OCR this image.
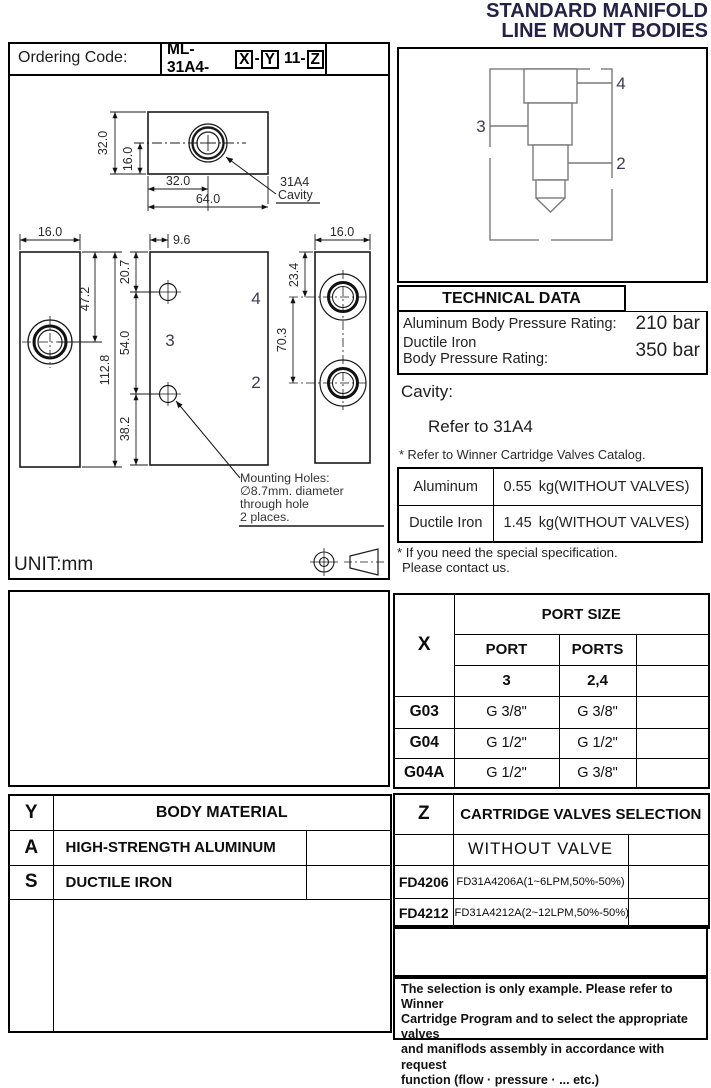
STANDARD MANIFOLD
LINE MOUNT BODIES
Ordering Code:	ML-31A4-	X - Y 11- Z
32.0
16.0
32.0
64.0
31A4
Cavity
16.0
47.2
112.8
9.6
20.7
54.0
38.2
4
3
2
16.0
23.4
70.3
Mounting Holes:
∅8.7mm. diameter
through hole
2 places.
UNIT:mm
4
3
2
TECHNICAL DATA
Aluminum Body Pressure Rating: 210 bar
Ductile Iron
Body Pressure Rating:	350 bar
Cavity:
Refer to 31A4
* Refer to Winner Cartridge Valves Catalog.
Aluminum	0.55 kg(WITHOUT VALVES)
Ductile Iron	1.45 kg(WITHOUT VALVES)
* If you need the special specification.
Please contact us.
X	PORT SIZE		
	PORT	PORTS	
	3	2,4	
G03	G 3/8"	G 3/8"	
G04	G 1/2"	G 1/2"	
G04A	G 1/2"	G 3/8"	
Y	BODY MATERIAL	
A	HIGH-STRENGTH ALUMINUM	
S	DUCTILE IRON	

Z	CARTRIDGE VALVES SELECTION	
	WITHOUT VALVE	
FD4206	FD31A4206A(1~6LPM,50%-50%)	
FD4212	FD31A4212A(2~12LPM,50%-50%)	
The selection is only example. Please refer to Winner
Cartridge Program and to select the appropriate valves
and maniflods assembly in accordance with request
function (flow · pressure · ... etc.)
